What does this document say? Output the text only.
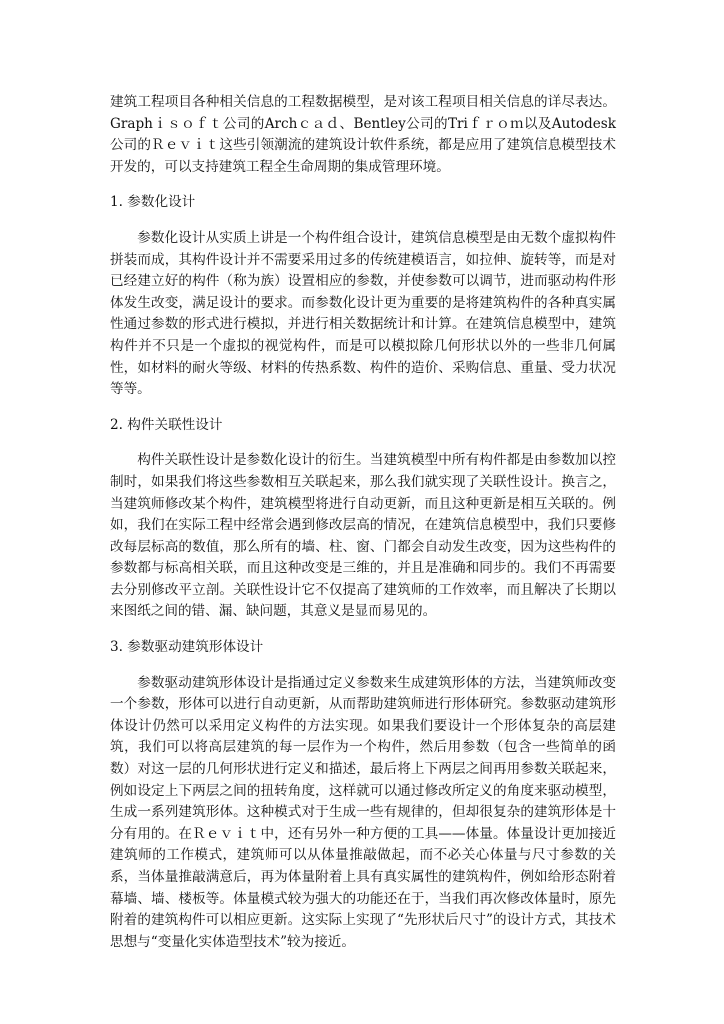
建筑工程项目各种相关信息的工程数据模型，是对该工程项目相关信息的详尽表达。Graphｉｓｏｆｔ公司的Archｃａｄ、Bentley公司的Triｆｒｏｍ以及Autodesk公司的Ｒｅｖｉｔ这些引领潮流的建筑设计软件系统，都是应用了建筑信息模型技术开发的，可以支持建筑工程全生命周期的集成管理环境。

1. 参数化设计

参数化设计从实质上讲是一个构件组合设计，建筑信息模型是由无数个虚拟构件拼装而成，其构件设计并不需要采用过多的传统建模语言，如拉伸、旋转等，而是对已经建立好的构件（称为族）设置相应的参数，并使参数可以调节，进而驱动构件形体发生改变，满足设计的要求。而参数化设计更为重要的是将建筑构件的各种真实属性通过参数的形式进行模拟，并进行相关数据统计和计算。在建筑信息模型中，建筑构件并不只是一个虚拟的视觉构件，而是可以模拟除几何形状以外的一些非几何属性，如材料的耐火等级、材料的传热系数、构件的造价、采购信息、重量、受力状况等等。

2. 构件关联性设计

构件关联性设计是参数化设计的衍生。当建筑模型中所有构件都是由参数加以控制时，如果我们将这些参数相互关联起来，那么我们就实现了关联性设计。换言之，当建筑师修改某个构件，建筑模型将进行自动更新，而且这种更新是相互关联的。例如，我们在实际工程中经常会遇到修改层高的情况，在建筑信息模型中，我们只要修改每层标高的数值，那么所有的墙、柱、窗、门都会自动发生改变，因为这些构件的参数都与标高相关联，而且这种改变是三维的，并且是准确和同步的。我们不再需要去分别修改平立剖。关联性设计它不仅提高了建筑师的工作效率，而且解决了长期以来图纸之间的错、漏、缺问题，其意义是显而易见的。

3. 参数驱动建筑形体设计

参数驱动建筑形体设计是指通过定义参数来生成建筑形体的方法，当建筑师改变一个参数，形体可以进行自动更新，从而帮助建筑师进行形体研究。参数驱动建筑形体设计仍然可以采用定义构件的方法实现。如果我们要设计一个形体复杂的高层建筑，我们可以将高层建筑的每一层作为一个构件，然后用参数（包含一些简单的函数）对这一层的几何形状进行定义和描述，最后将上下两层之间再用参数关联起来，例如设定上下两层之间的扭转角度，这样就可以通过修改所定义的角度来驱动模型，生成一系列建筑形体。这种模式对于生成一些有规律的，但却很复杂的建筑形体是十分有用的。在Ｒｅｖｉｔ中，还有另外一种方便的工具——体量。体量设计更加接近建筑师的工作模式，建筑师可以从体量推敲做起，而不必关心体量与尺寸参数的关系，当体量推敲满意后，再为体量附着上具有真实属性的建筑构件，例如给形态附着幕墙、墙、楼板等。体量模式较为强大的功能还在于，当我们再次修改体量时，原先附着的建筑构件可以相应更新。这实际上实现了“先形状后尺寸”的设计方式，其技术思想与“变量化实体造型技术”较为接近。
